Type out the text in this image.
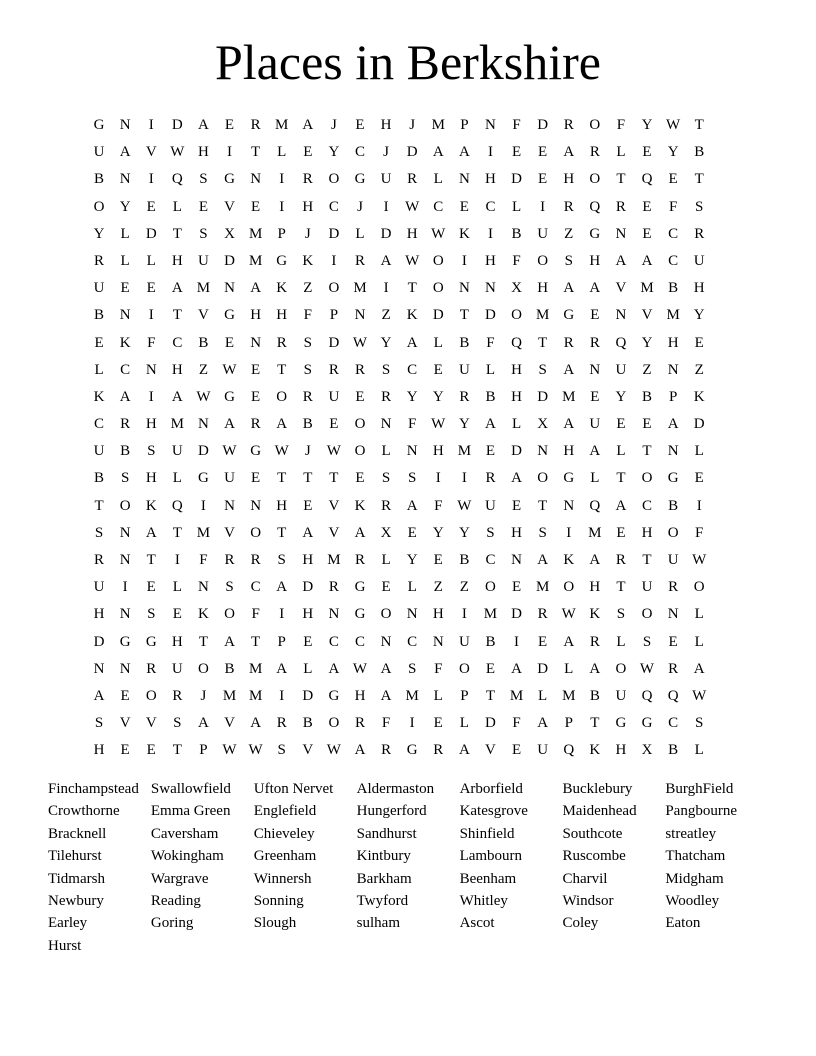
Places in Berkshire
G	N	I	D	A	E	R M A	J	E	H	J	M	P	N	F	D	R	O	F	Y W T
U	A	V W H	I	T	L	E	Y	C	J	D	A	A	I	E	E	A	R	L	E	Y	B
B	N	I	Q	S	G	N	I	R	O	G	U	R	L	N	H	D	E	H	O	T	Q	E	T
O	Y	E	L	E	V	E	I	H	C	J	I	W C	E	C	L	I	R	Q	R	E	F	S
Y	L	D	T	S	X M	P	J	D	L	D	H W K	I	B	U	Z	G	N	E	C	R
R	L	L	H	U	D M G	K	I	R	A W O	I	H	F	O	S	H	A	A	C	U
U	E	E	A M N	A	K	Z	O M	I	T	O	N	N	X	H	A	A	V M B	H
B	N	I	T	V	G	H	H	F	P	N	Z	K	D	T	D	O M G	E	N	V M Y
E	K	F	C	B	E	N	R	S	D W Y	A	L	B	F	Q	T	R	R	Q	Y	H	E
L	C	N	H	Z W E	T	S	R	R	S	C	E	U	L	H	S	A	N	U	Z	N	Z
K	A	I	A W G	E	O	R	U	E	R	Y	Y	R	B	H	D M E	Y	B	P	K
C	R	H M N	A	R	A	B	E	O	N	F W Y	A	L	X	A	U	E	E	A	D
U	B	S	U	D W G W	J	W O	L	N	H M E	D	N	H	A	L	T	N	L
B	S	H	L	G	U	E	T	T	T	E	S	S	I	I	R	A	O	G	L	T	O	G	E
T	O	K	Q	I	N	N	H	E	V	K	R	A	F W U	E	T	N	Q	A	C	B	I
S	N	A	T M V	O	T	A	V	A	X	E	Y	Y	S	H	S	I	M E	H	O	F
R	N	T	I	F	R	R	S	H M R	L	Y	E	B	C	N	A	K	A	R	T	U W
U	I	E	L	N	S	C	A	D	R	G	E	L	Z	Z	O	E M O	H	T	U	R	O
H	N	S	E	K	O	F	I	H	N	G	O	N	H	I	M D	R W K	S	O	N	L
D	G	G	H	T	A	T	P	E	C	C	N	C	N	U	B	I	E	A	R	L	S	E	L
N	N	R	U	O	B M A	L	A W A	S	F	O	E	A	D	L	A	O W R	A
A	E	O	R	J	M M	I	D	G	H	A M L	P	T M L M B	U	Q	Q W
S	V	V	S	A	V	A	R	B	O	R	F	I	E	L	D	F	A	P	T	G	G	C	S
H	E	E	T	P W W S	V W A	R	G	R	A	V	E	U	Q	K	H	X	B	L
Finchampstead Swallowfield	Ufton Nervet	Aldermaston	Arborfield	Bucklebury	BurghField
Crowthorne	Emma Green	Englefield	Hungerford	Katesgrove	Maidenhead	Pangbourne
Bracknell	Caversham	Chieveley	Sandhurst	Shinfield	Southcote	streatley
Tilehurst	Wokingham	Greenham	Kintbury	Lambourn	Ruscombe	Thatcham
Tidmarsh	Wargrave	Winnersh	Barkham	Beenham	Charvil	Midgham
Newbury	Reading	Sonning	Twyford	Whitley	Windsor	Woodley
Earley	Goring	Slough	sulham	Ascot	Coley	Eaton
Hurst
